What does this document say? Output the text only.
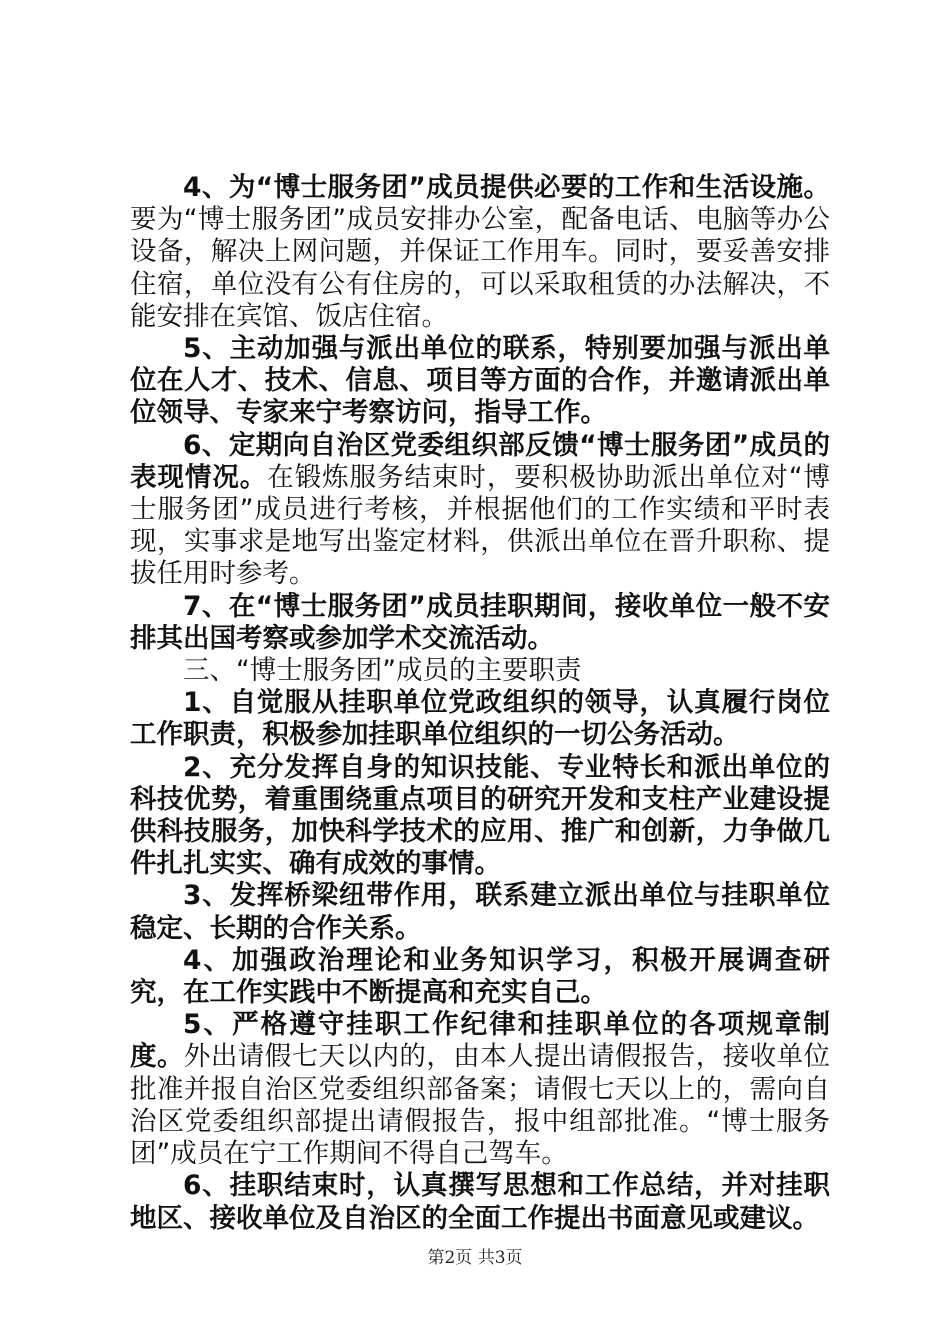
4、为“博士服务团”成员提供必要的工作和生活设施。要为“博士服务团”成员安排办公室，配备电话、电脑等办公设备，解决上网问题，并保证工作用车。同时，要妥善安排住宿，单位没有公有住房的，可以采取租赁的办法解决，不能安排在宾馆、饭店住宿。

5、主动加强与派出单位的联系，特别要加强与派出单位在人才、技术、信息、项目等方面的合作，并邀请派出单位领导、专家来宁考察访问，指导工作。

6、定期向自治区党委组织部反馈“博士服务团”成员的表现情况。在锻炼服务结束时，要积极协助派出单位对“博士服务团”成员进行考核，并根据他们的工作实绩和平时表现，实事求是地写出鉴定材料，供派出单位在晋升职称、提拔任用时参考。

7、在“博士服务团”成员挂职期间，接收单位一般不安排其出国考察或参加学术交流活动。

三、“博士服务团”成员的主要职责

1、自觉服从挂职单位党政组织的领导，认真履行岗位工作职责，积极参加挂职单位组织的一切公务活动。

2、充分发挥自身的知识技能、专业特长和派出单位的科技优势，着重围绕重点项目的研究开发和支柱产业建设提供科技服务，加快科学技术的应用、推广和创新，力争做几件扎扎实实、确有成效的事情。

3、发挥桥梁纽带作用，联系建立派出单位与挂职单位稳定、长期的合作关系。

4、加强政治理论和业务知识学习，积极开展调查研究，在工作实践中不断提高和充实自己。

5、严格遵守挂职工作纪律和挂职单位的各项规章制度。外出请假七天以内的，由本人提出请假报告，接收单位批准并报自治区党委组织部备案；请假七天以上的，需向自治区党委组织部提出请假报告，报中组部批准。“博士服务团”成员在宁工作期间不得自己驾车。

6、挂职结束时，认真撰写思想和工作总结，并对挂职地区、接收单位及自治区的全面工作提出书面意见或建议。

第2页 共3页
